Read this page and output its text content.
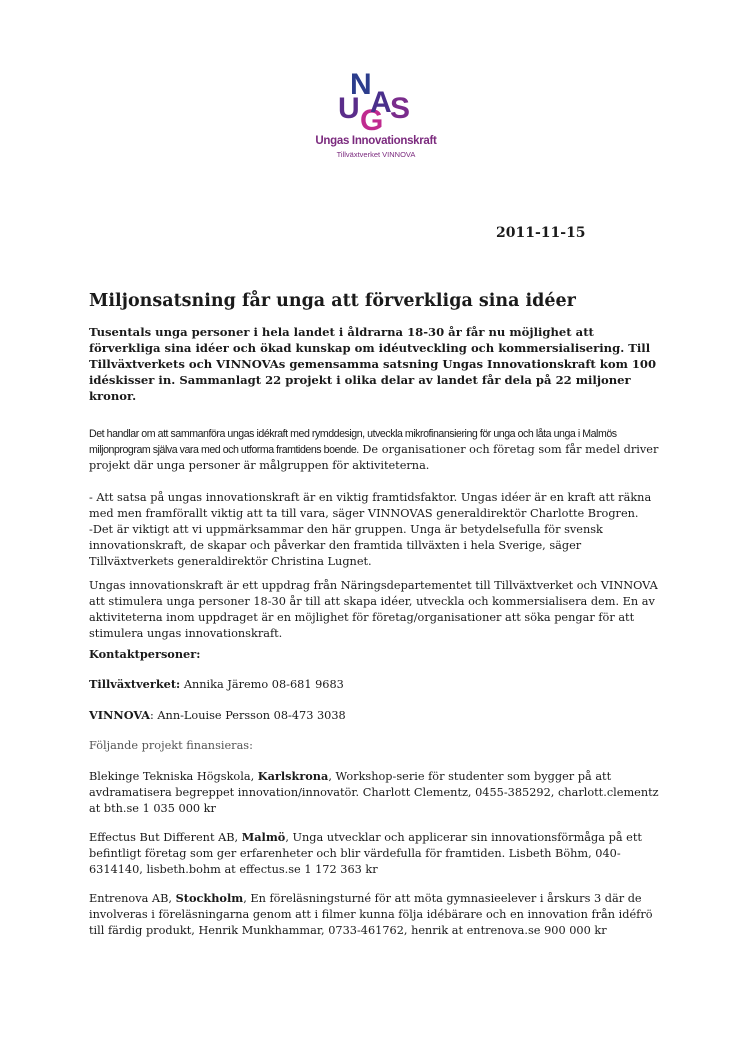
N
U G
A
S
Ungas Innovationskraft
Tillväxtverket VINNOVA
2011-11-15
Miljonsatsning får unga att förverkliga sina idéer

Tusentals unga personer i hela landet i åldrarna 18-30 år får nu möjlighet att förverkliga sina idéer och ökad kunskap om idéutveckling och kommersialisering. Till Tillväxtverkets och VINNOVAs gemensamma satsning Ungas Innovationskraft kom 100 idéskisser in. Sammanlagt 22 projekt i olika delar av landet får dela på 22 miljoner kronor.

Det handlar om att sammanföra ungas idékraft med rymddesign, utveckla mikrofinansiering för unga och låta unga i Malmös miljonprogram själva vara med och utforma framtidens boende. De organisationer och företag som får medel driver projekt där unga personer är målgruppen för aktiviteterna.

- Att satsa på ungas innovationskraft är en viktig framtidsfaktor. Ungas idéer är en kraft att räkna med men framförallt viktig att ta till vara, säger VINNOVAS generaldirektör Charlotte Brogren.

-Det är viktigt att vi uppmärksammar den här gruppen. Unga är betydelsefulla för svensk innovationskraft, de skapar och påverkar den framtida tillväxten i hela Sverige, säger Tillväxtverkets generaldirektör Christina Lugnet.

Ungas innovationskraft är ett uppdrag från Näringsdepartementet till Tillväxtverket och VINNOVA att stimulera unga personer 18-30 år till att skapa idéer, utveckla och kommersialisera dem. En av aktiviteterna inom uppdraget är en möjlighet för företag/organisationer att söka pengar för att stimulera ungas innovationskraft.

Kontaktpersoner:

Tillväxtverket: Annika Järemo 08-681 9683

VINNOVA: Ann-Louise Persson 08-473 3038

Följande projekt finansieras:

Blekinge Tekniska Högskola, Karlskrona, Workshop-serie för studenter som bygger på att avdramatisera begreppet innovation/innovatör. Charlott Clementz, 0455-385292, charlott.clementz at bth.se 1 035 000 kr

Effectus But Different AB, Malmö, Unga utvecklar och applicerar sin innovationsförmåga på ett befintligt företag som ger erfarenheter och blir värdefulla för framtiden. Lisbeth Böhm, 040-6314140, lisbeth.bohm at effectus.se 1 172 363 kr

Entrenova AB, Stockholm, En föreläsningsturné för att möta gymnasieelever i årskurs 3 där de involveras i föreläsningarna genom att i filmer kunna följa idébärare och en innovation från idéfrö till färdig produkt, Henrik Munkhammar, 0733-461762, henrik at entrenova.se 900 000 kr
